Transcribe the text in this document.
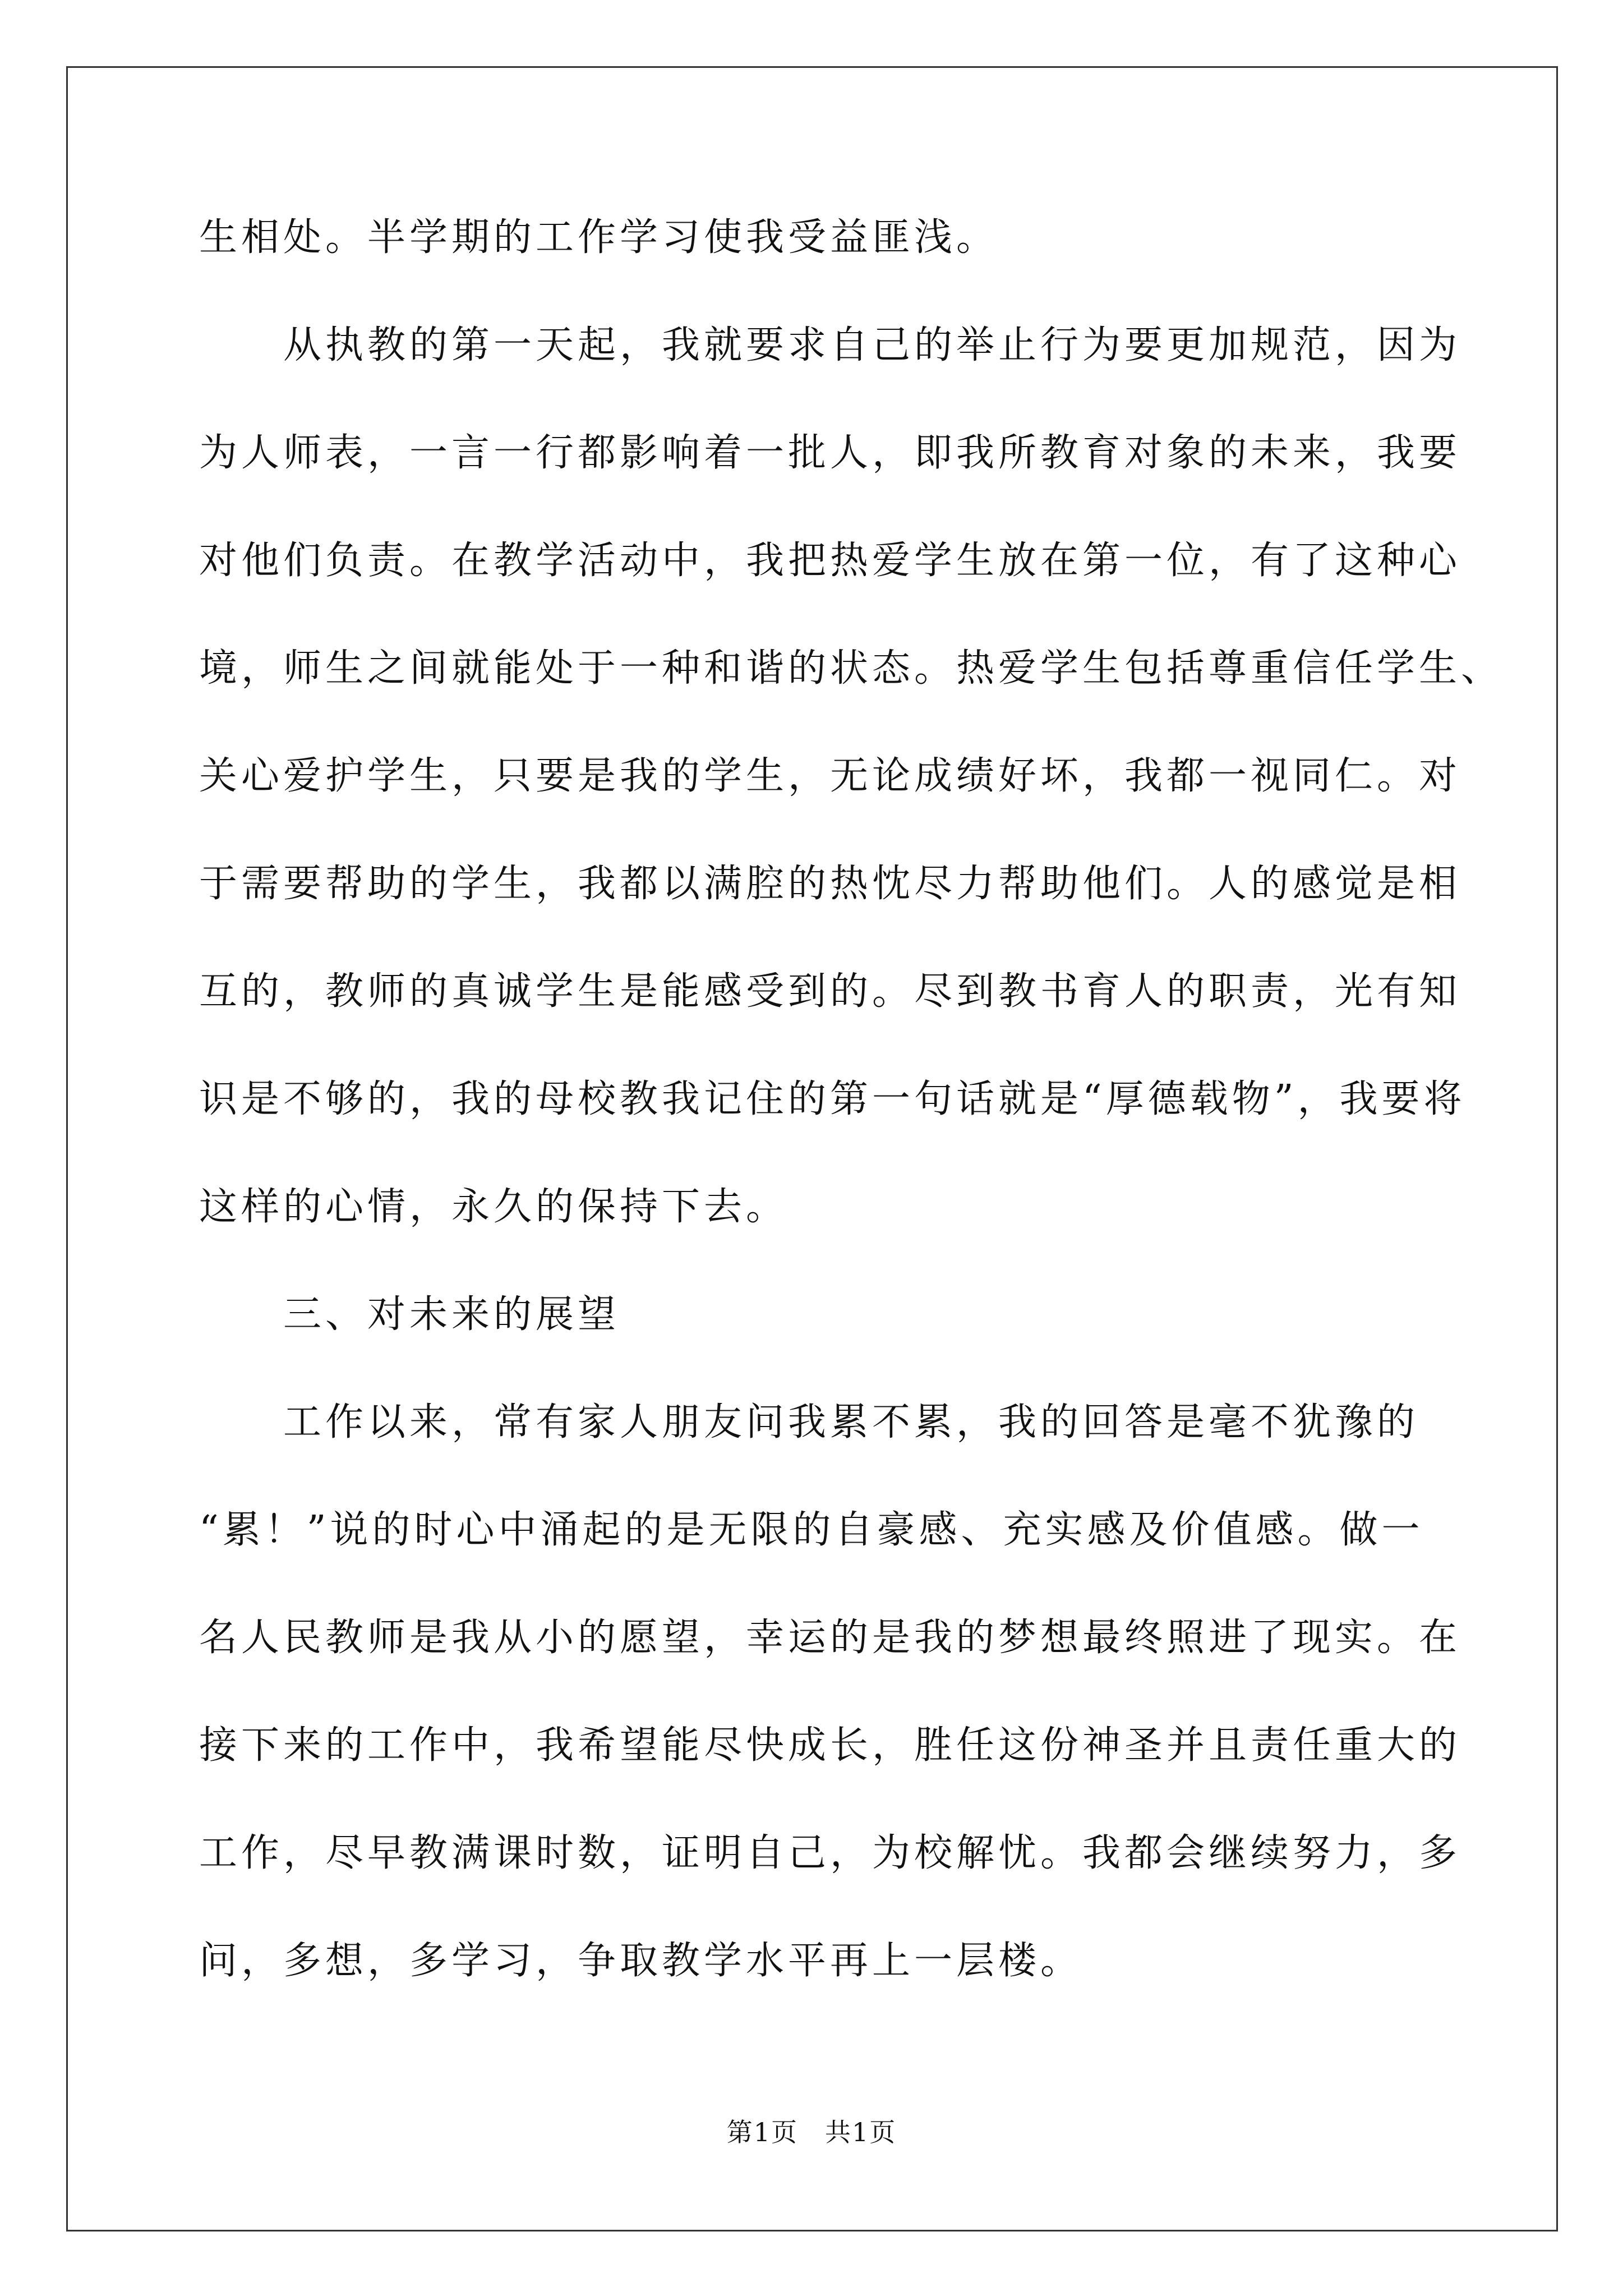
生相处。半学期的工作学习使我受益匪浅。
　　从执教的第一天起，我就要求自己的举止行为要更加规范，因为
为人师表，一言一行都影响着一批人，即我所教育对象的未来，我要
对他们负责。在教学活动中，我把热爱学生放在第一位，有了这种心
境，师生之间就能处于一种和谐的状态。热爱学生包括尊重信任学生、
关心爱护学生，只要是我的学生，无论成绩好坏，我都一视同仁。对
于需要帮助的学生，我都以满腔的热忱尽力帮助他们。人的感觉是相
互的，教师的真诚学生是能感受到的。尽到教书育人的职责，光有知
识是不够的，我的母校教我记住的第一句话就是“厚德载物”，我要将
这样的心情，永久的保持下去。
　　三、对未来的展望
　　工作以来，常有家人朋友问我累不累，我的回答是毫不犹豫的
“累！”说的时心中涌起的是无限的自豪感、充实感及价值感。做一
名人民教师是我从小的愿望，幸运的是我的梦想最终照进了现实。在
接下来的工作中，我希望能尽快成长，胜任这份神圣并且责任重大的
工作，尽早教满课时数，证明自己，为校解忧。我都会继续努力，多
问，多想，多学习，争取教学水平再上一层楼。
第1页　共1页
